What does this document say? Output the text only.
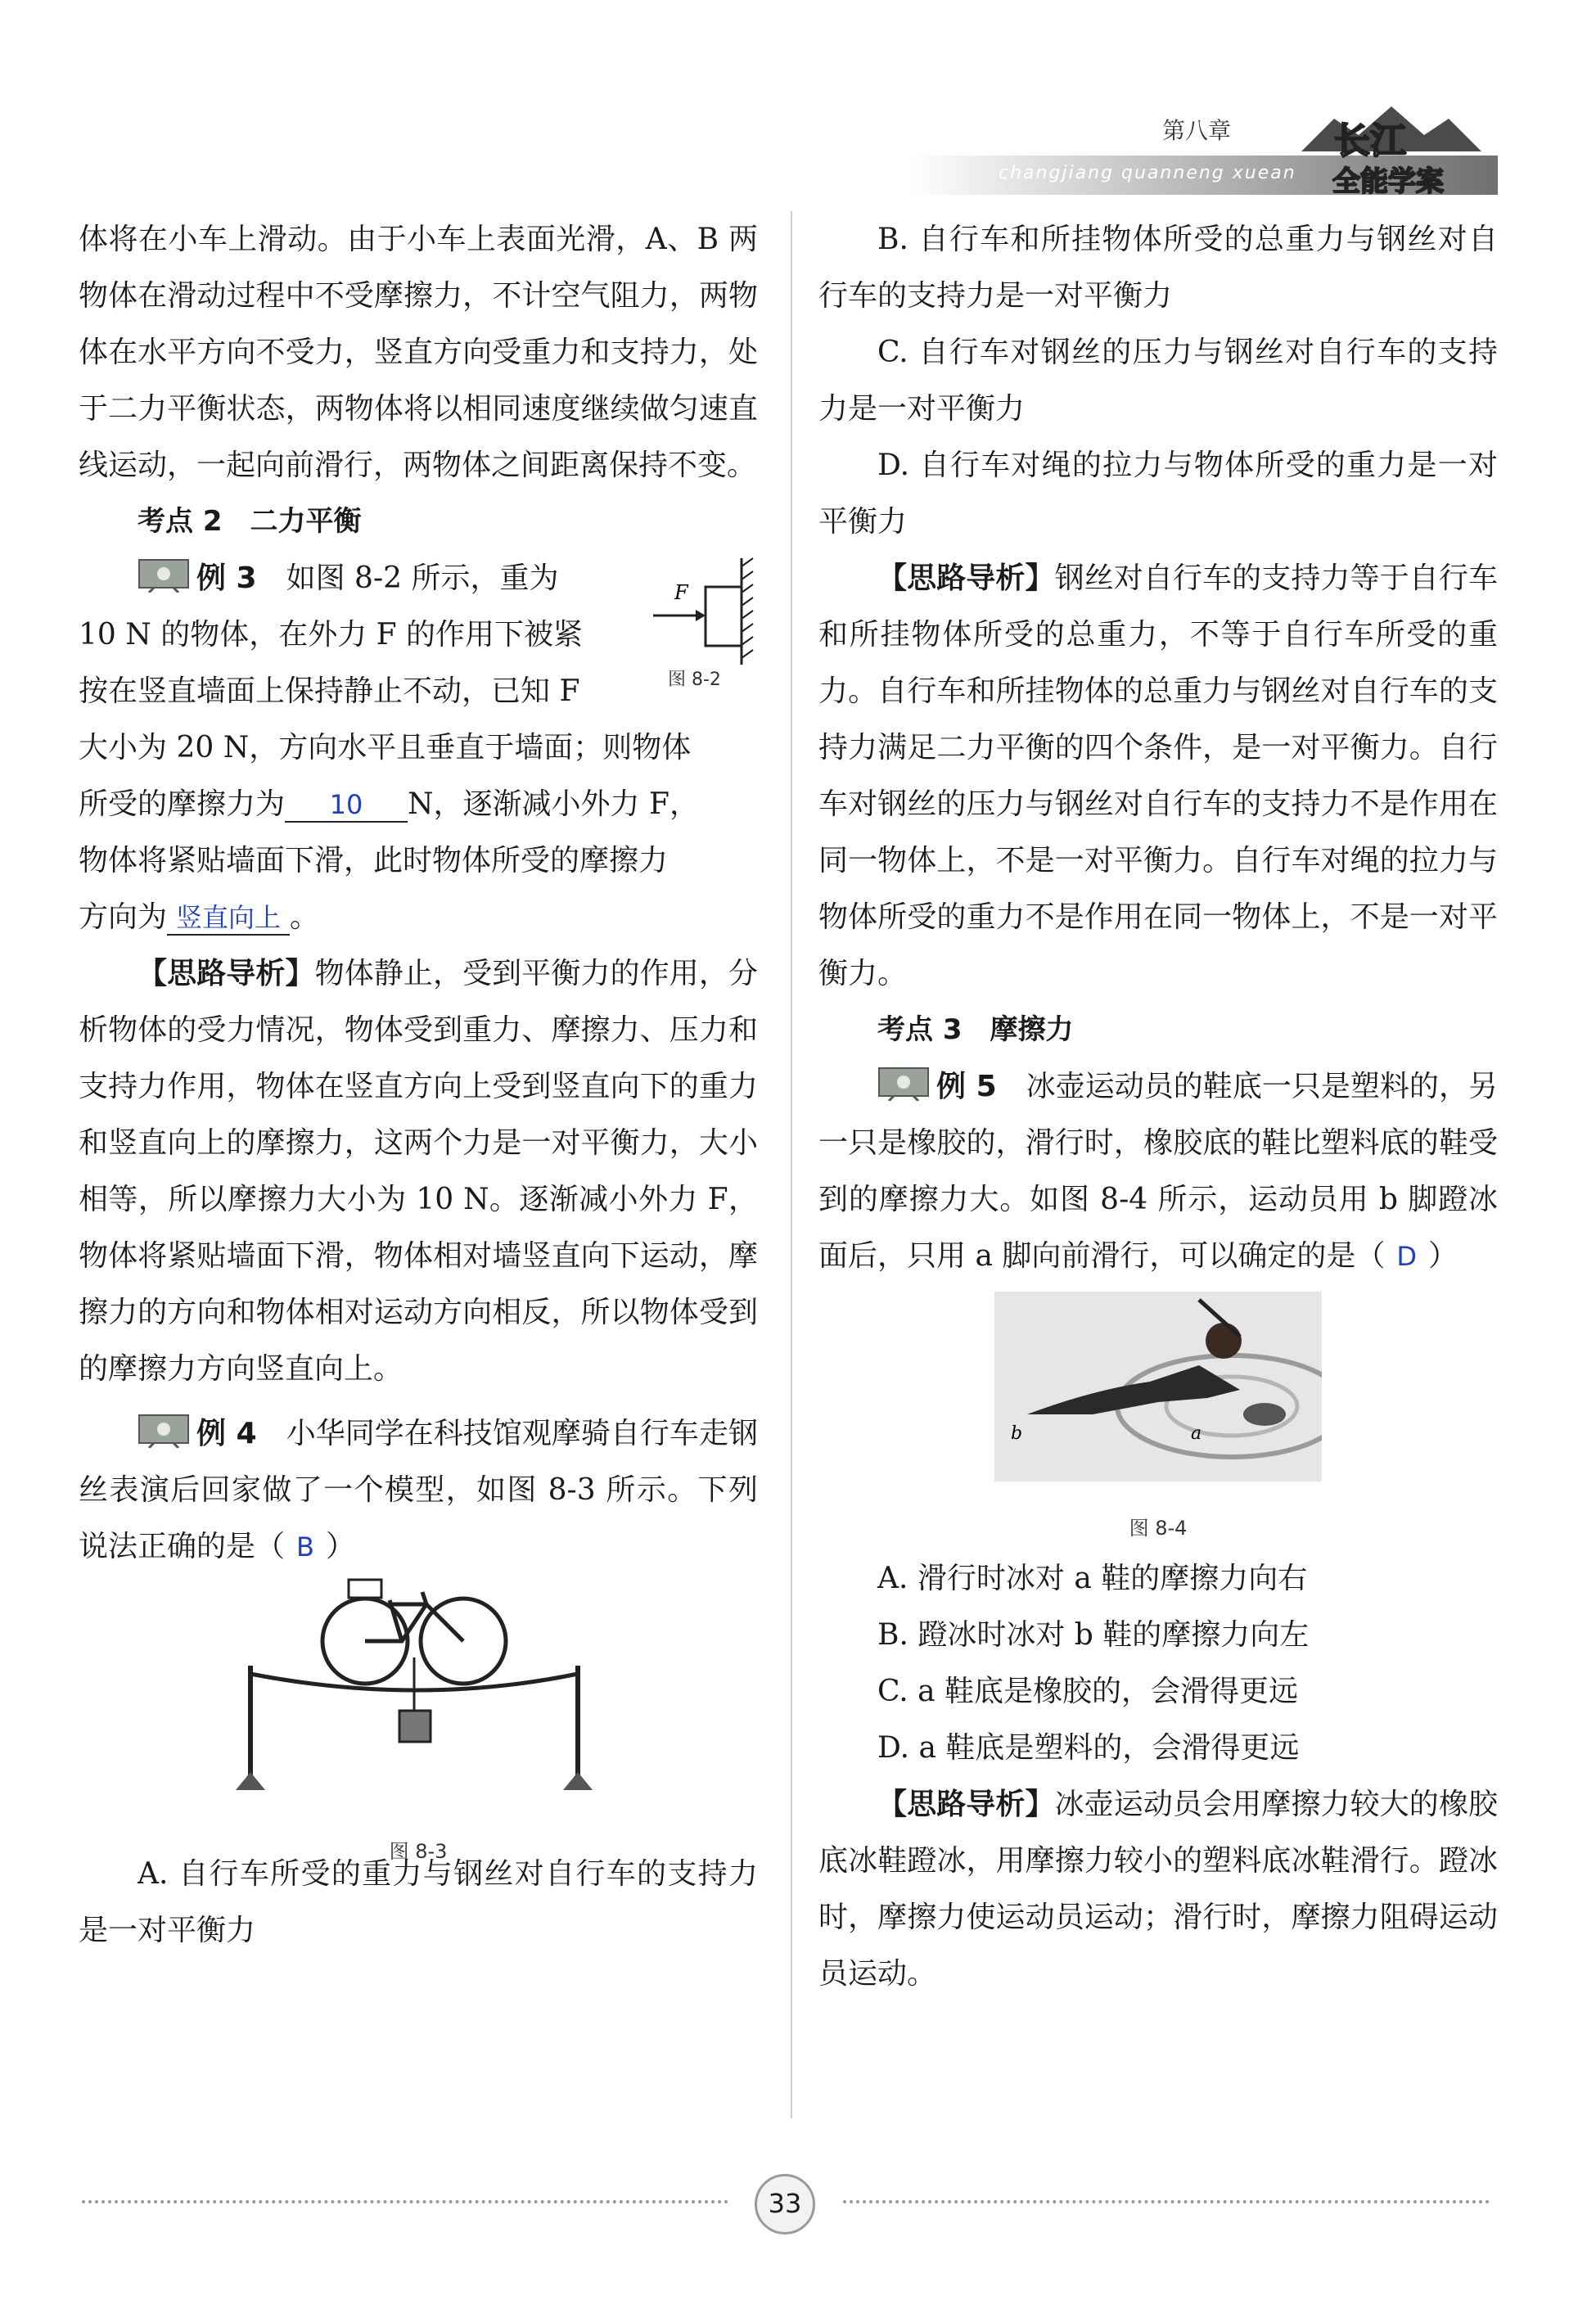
第八章
changjiang quanneng xuean
长江
全能学案

体将在小车上滑动。由于小车上表面光滑，A、B 两物体在滑动过程中不受摩擦力，不计空气阻力，两物体在水平方向不受力，竖直方向受重力和支持力，处于二力平衡状态，两物体将以相同速度继续做匀速直线运动，一起向前滑行，两物体之间距离保持不变。

考点 2　二力平衡

F
图 8-2

例 3　 如图 8-2 所示，重为

10 N 的物体，在外力 F 的作用下被紧

按在竖直墙面上保持静止不动，已知 F

大小为 20 N，方向水平且垂直于墙面；则物体

所受的摩擦力为 10 N，逐渐减小外力 F，

物体将紧贴墙面下滑，此时物体所受的摩擦力

方向为 竖直向上 。

【思路导析】物体静止，受到平衡力的作用，分析物体的受力情况，物体受到重力、摩擦力、压力和支持力作用，物体在竖直方向上受到竖直向下的重力和竖直向上的摩擦力，这两个力是一对平衡力，大小相等，所以摩擦力大小为 10 N。逐渐减小外力 F，物体将紧贴墙面下滑，物体相对墙竖直向下运动，摩擦力的方向和物体相对运动方向相反，所以物体受到的摩擦力方向竖直向上。

例 4　 小华同学在科技馆观摩骑自行车走钢丝表演后回家做了一个模型，如图 8-3 所示。下列说法正确的是（ B ）

图 8-3

A. 自行车所受的重力与钢丝对自行车的支持力是一对平衡力

B. 自行车和所挂物体所受的总重力与钢丝对自行车的支持力是一对平衡力

C. 自行车对钢丝的压力与钢丝对自行车的支持力是一对平衡力

D. 自行车对绳的拉力与物体所受的重力是一对平衡力

【思路导析】钢丝对自行车的支持力等于自行车和所挂物体所受的总重力，不等于自行车所受的重力。自行车和所挂物体的总重力与钢丝对自行车的支持力满足二力平衡的四个条件，是一对平衡力。自行车对钢丝的压力与钢丝对自行车的支持力不是作用在同一物体上，不是一对平衡力。自行车对绳的拉力与物体所受的重力不是作用在同一物体上，不是一对平衡力。

考点 3　摩擦力

例 5　 冰壶运动员的鞋底一只是塑料的，另一只是橡胶的，滑行时，橡胶底的鞋比塑料底的鞋受到的摩擦力大。如图 8-4 所示，运动员用 b 脚蹬冰面后，只用 a 脚向前滑行，可以确定的是（ D ）

b	a
图 8-4

A. 滑行时冰对 a 鞋的摩擦力向右

B. 蹬冰时冰对 b 鞋的摩擦力向左

C. a 鞋底是橡胶的，会滑得更远

D. a 鞋底是塑料的，会滑得更远

【思路导析】冰壶运动员会用摩擦力较大的橡胶底冰鞋蹬冰，用摩擦力较小的塑料底冰鞋滑行。蹬冰时，摩擦力使运动员运动；滑行时，摩擦力阻碍运动员运动。

33
